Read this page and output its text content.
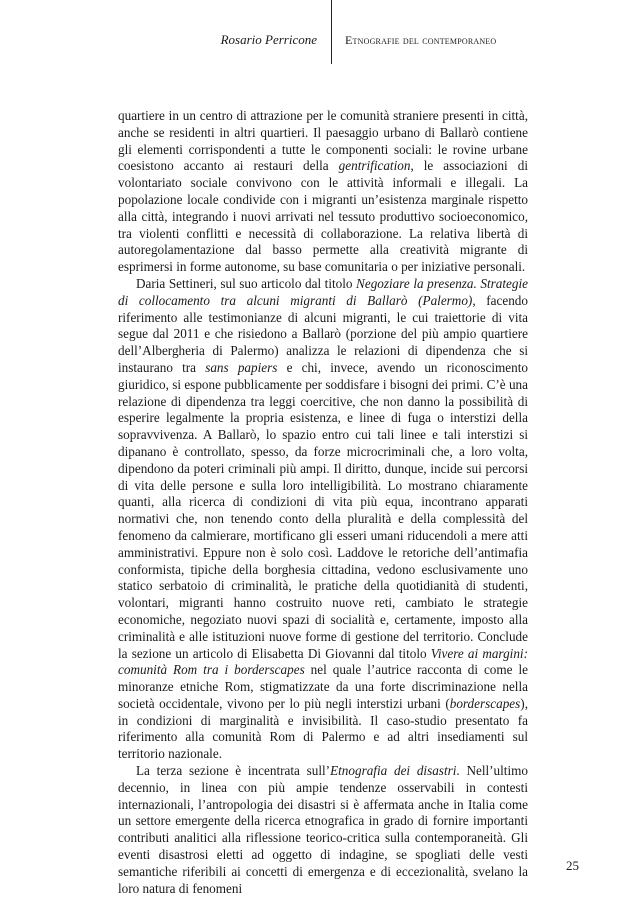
Rosario Perricone Etnografie del contemporaneo

quartiere in un centro di attrazione per le comunità straniere presenti in città, anche se residenti in altri quartieri. Il paesaggio urbano di Ballarò contiene gli elementi corrispondenti a tutte le componenti sociali: le rovine urbane coesistono accanto ai restauri della gentrification, le associazioni di volontariato sociale convivono con le attività informali e illegali. La popolazione locale condivide con i migranti un’esistenza marginale rispetto alla città, integrando i nuovi arrivati nel tessuto produttivo socioeconomico, tra violenti conflitti e necessità di collaborazione. La relativa libertà di autoregolamentazione dal basso permette alla creatività migrante di esprimersi in forme autonome, su base comunitaria o per iniziative personali.

Daria Settineri, sul suo articolo dal titolo Negoziare la presenza. Strategie di collocamento tra alcuni migranti di Ballarò (Palermo), facendo riferimento alle testimonianze di alcuni migranti, le cui traiettorie di vita segue dal 2011 e che risiedono a Ballarò (porzione del più ampio quartiere dell’Albergheria di Palermo) analizza le relazioni di dipendenza che si instaurano tra sans papiers e chi, invece, avendo un riconoscimento giuridico, si espone pubblicamente per soddisfare i bisogni dei primi. C’è una relazione di dipendenza tra leggi coercitive, che non danno la possibilità di esperire legalmente la propria esistenza, e linee di fuga o interstizi della sopravvivenza. A Ballarò, lo spazio entro cui tali linee e tali interstizi si dipanano è controllato, spesso, da forze microcriminali che, a loro volta, dipendono da poteri criminali più ampi. Il diritto, dunque, incide sui percorsi di vita delle persone e sulla loro intelligibilità. Lo mostrano chiaramente quanti, alla ricerca di condizioni di vita più equa, incontrano apparati normativi che, non tenendo conto della pluralità e della complessità del fenomeno da calmierare, mortificano gli esseri umani riducendoli a mere atti amministrativi. Eppure non è solo così. Laddove le retoriche dell’antimafia conformista, tipiche della borghesia cittadina, vedono esclusivamente uno statico serbatoio di criminalità, le pratiche della quotidianità di studenti, volontari, migranti hanno costruito nuove reti, cambiato le strategie economiche, negoziato nuovi spazi di socialità e, certamente, imposto alla criminalità e alle istituzioni nuove forme di gestione del territorio. Conclude la sezione un articolo di Elisabetta Di Giovanni dal titolo Vivere ai margini: comunità Rom tra i borderscapes nel quale l’autrice racconta di come le minoranze etniche Rom, stigmatizzate da una forte discriminazione nella società occidentale, vivono per lo più negli interstizi urbani (borderscapes), in condizioni di marginalità e invisibilità. Il caso-studio presentato fa riferimento alla comunità Rom di Palermo e ad altri insediamenti sul territorio nazionale.

La terza sezione è incentrata sull’Etnografia dei disastri. Nell’ultimo decennio, in linea con più ampie tendenze osservabili in contesti internazionali, l’antropologia dei disastri si è affermata anche in Italia come un settore emergente della ricerca etnografica in grado di fornire importanti contributi analitici alla riflessione teorico-critica sulla contemporaneità. Gli eventi disastrosi eletti ad oggetto di indagine, se spogliati delle vesti semantiche riferibili ai concetti di emergenza e di eccezionalità, svelano la loro natura di fenomeni

25
